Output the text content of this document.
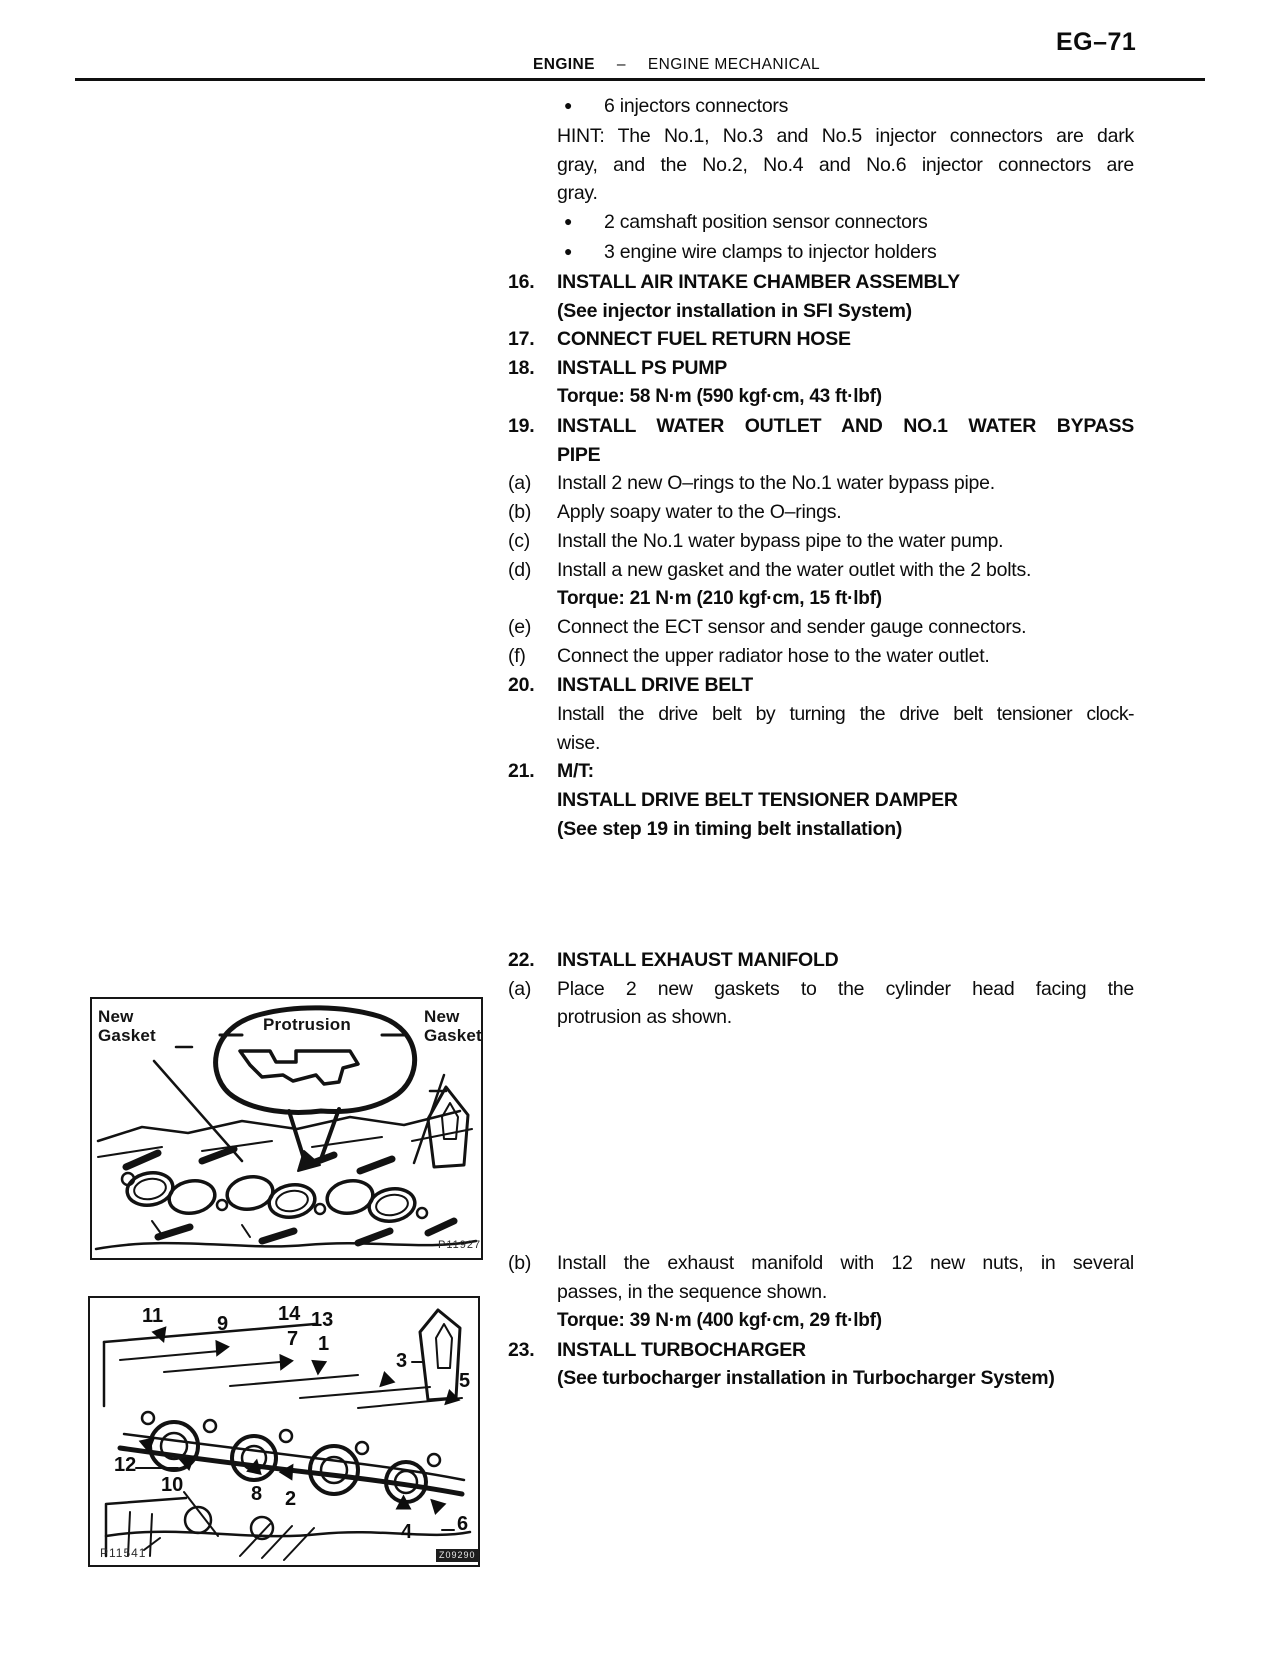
EG–71
ENGINE – ENGINE MECHANICAL
●
6 injectors connectors
HINT: The No.1, No.3 and No.5 injector connectors are dark
gray, and the No.2, No.4 and No.6 injector connectors are
gray.
●
2 camshaft position sensor connectors
●
3 engine wire clamps to injector holders
16.	INSTALL AIR INTAKE CHAMBER ASSEMBLY
(See injector installation in SFI System)
17.	CONNECT FUEL RETURN HOSE
18.	INSTALL PS PUMP
Torque: 58 N·m (590 kgf·cm, 43 ft·lbf)
19.	INSTALL WATER OUTLET AND NO.1 WATER BYPASS
PIPE
(a)	Install 2 new O–rings to the No.1 water bypass pipe.
(b)	Apply soapy water to the O–rings.
(c)	Install the No.1 water bypass pipe to the water pump.
(d)	Install a new gasket and the water outlet with the 2 bolts.
Torque: 21 N·m (210 kgf·cm, 15 ft·lbf)
(e)	Connect the ECT sensor and sender gauge connectors.
(f)	Connect the upper radiator hose to the water outlet.
20.	INSTALL DRIVE BELT
Install the drive belt by turning the drive belt tensioner clock-
wise.
21.	M/T:
INSTALL DRIVE BELT TENSIONER DAMPER
(See step 19 in timing belt installation)
22.	INSTALL EXHAUST MANIFOLD
(a)	Place 2 new gaskets to the cylinder head facing the
protrusion as shown.
(b)	Install the exhaust manifold with 12 new nuts, in several
passes, in the sequence shown.
Torque: 39 N·m (400 kgf·cm, 29 ft·lbf)
23.	INSTALL TURBOCHARGER
(See turbocharger installation in Turbocharger System)
New Gasket
Protrusion	New Gasket
P11927
11	9 14 13
7 1
3
5
12
10	8 2
4 6
P11541	Z09290
